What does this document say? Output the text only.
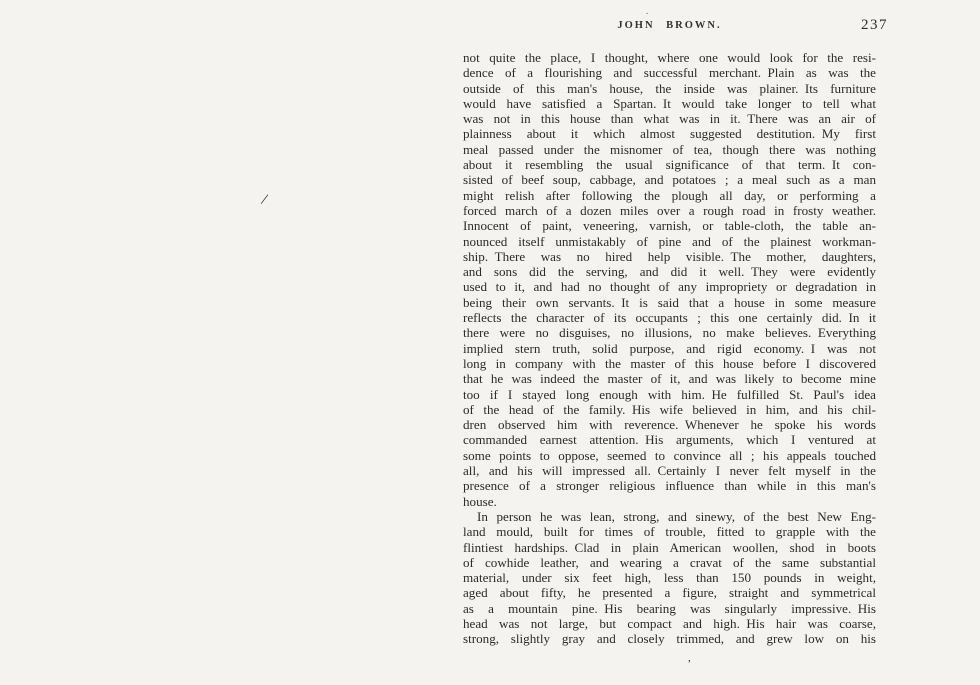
JOHN BROWN.	237
not quite the place, I thought, where one would look for the resi-
dence of a flourishing and successful merchant. Plain as was the
outside of this man's house, the inside was plainer. Its furniture
would have satisfied a Spartan. It would take longer to tell what
was not in this house than what was in it. There was an air of
plainness about it which almost suggested destitution. My first
meal passed under the misnomer of tea, though there was nothing
about it resembling the usual significance of that term. It con-
sisted of beef soup, cabbage, and potatoes ; a meal such as a man
might relish after following the plough all day, or performing a
forced march of a dozen miles over a rough road in frosty weather.
Innocent of paint, veneering, varnish, or table-cloth, the table an-
nounced itself unmistakably of pine and of the plainest workman-
ship. There was no hired help visible. The mother, daughters,
and sons did the serving, and did it well. They were evidently
used to it, and had no thought of any impropriety or degradation in
being their own servants. It is said that a house in some measure
reflects the character of its occupants ; this one certainly did. In it
there were no disguises, no illusions, no make believes. Everything
implied stern truth, solid purpose, and rigid economy. I was not
long in company with the master of this house before I discovered
that he was indeed the master of it, and was likely to become mine
too if I stayed long enough with him. He fulfilled St. Paul's idea
of the head of the family. His wife believed in him, and his chil-
dren observed him with reverence. Whenever he spoke his words
commanded earnest attention. His arguments, which I ventured at
some points to oppose, seemed to convince all ; his appeals touched
all, and his will impressed all. Certainly I never felt myself in the
presence of a stronger religious influence than while in this man's
house.
In person he was lean, strong, and sinewy, of the best New Eng-
land mould, built for times of trouble, fitted to grapple with the
flintiest hardships. Clad in plain American woollen, shod in boots
of cowhide leather, and wearing a cravat of the same substantial
material, under six feet high, less than 150 pounds in weight,
aged about fifty, he presented a figure, straight and symmetrical
as a mountain pine. His bearing was singularly impressive. His
head was not large, but compact and high. His hair was coarse,
strong, slightly gray and closely trimmed, and grew low on his
/
,
.
